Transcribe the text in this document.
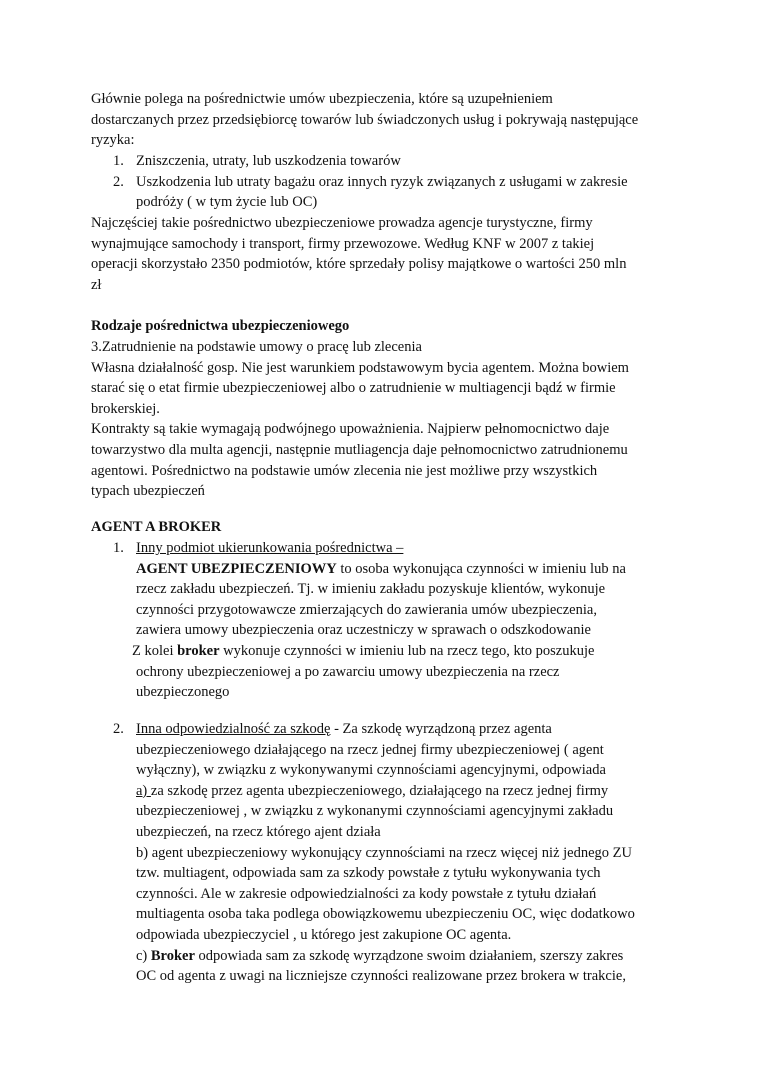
Głównie polega na pośrednictwie umów ubezpieczenia, które są uzupełnieniem
dostarczanych przez przedsiębiorcę towarów lub świadczonych usług i pokrywają następujące
ryzyka:
1. Zniszczenia, utraty, lub uszkodzenia towarów
2. Uszkodzenia lub utraty bagażu oraz innych ryzyk związanych z usługami w zakresie
podróży ( w tym życie lub OC)
Najczęściej takie pośrednictwo ubezpieczeniowe prowadza agencje turystyczne, firmy
wynajmujące samochody i transport, firmy przewozowe. Według KNF w 2007 z takiej
operacji skorzystało 2350 podmiotów, które sprzedały polisy majątkowe o wartości 250 mln
zł
Rodzaje pośrednictwa ubezpieczeniowego
3.Zatrudnienie na podstawie umowy o pracę lub zlecenia
Własna działalność gosp. Nie jest warunkiem podstawowym bycia agentem. Można bowiem
starać się o etat firmie ubezpieczeniowej albo o zatrudnienie w multiagencji bądź w firmie
brokerskiej.
Kontrakty są takie wymagają podwójnego upoważnienia. Najpierw pełnomocnictwo daje
towarzystwo dla multa agencji, następnie mutliagencja daje pełnomocnictwo zatrudnionemu
agentowi. Pośrednictwo na podstawie umów zlecenia nie jest możliwe przy wszystkich
typach ubezpieczeń
AGENT A BROKER
1. Inny podmiot ukierunkowania pośrednictwa –
AGENT UBEZPIECZENIOWY to osoba wykonująca czynności w imieniu lub na
rzecz zakładu ubezpieczeń. Tj. w imieniu zakładu pozyskuje klientów, wykonuje
czynności przygotowawcze zmierzających do zawierania umów ubezpieczenia,
zawiera umowy ubezpieczenia oraz uczestniczy w sprawach o odszkodowanie
Z kolei broker wykonuje czynności w imieniu lub na rzecz tego, kto poszukuje
ochrony ubezpieczeniowej a po zawarciu umowy ubezpieczenia na rzecz
ubezpieczonego
2. Inna odpowiedzialność za szkodę - Za szkodę wyrządzoną przez agenta
ubezpieczeniowego działającego na rzecz jednej firmy ubezpieczeniowej ( agent
wyłączny), w związku z wykonywanymi czynnościami agencyjnymi, odpowiada
a) za szkodę przez agenta ubezpieczeniowego, działającego na rzecz jednej firmy
ubezpieczeniowej , w związku z wykonanymi czynnościami agencyjnymi zakładu
ubezpieczeń, na rzecz którego ajent działa
b) agent ubezpieczeniowy wykonujący czynnościami na rzecz więcej niż jednego ZU
tzw. multiagent, odpowiada sam za szkody powstałe z tytułu wykonywania tych
czynności. Ale w zakresie odpowiedzialności za kody powstałe z tytułu działań
multiagenta osoba taka podlega obowiązkowemu ubezpieczeniu OC, więc dodatkowo
odpowiada ubezpieczyciel , u którego jest zakupione OC agenta.
c) Broker odpowiada sam za szkodę wyrządzone swoim działaniem, szerszy zakres
OC od agenta z uwagi na liczniejsze czynności realizowane przez brokera w trakcie,
